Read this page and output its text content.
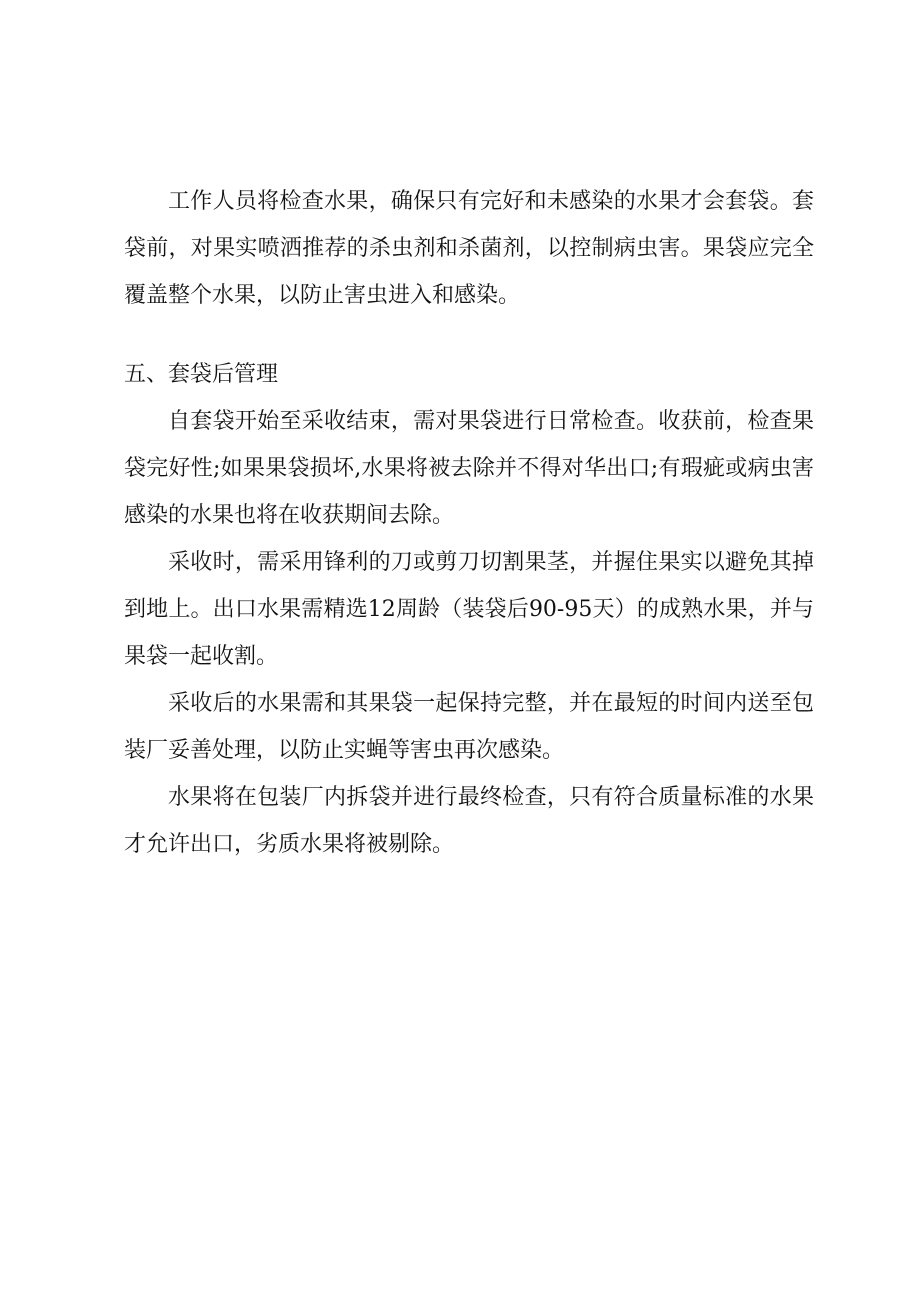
工作人员将检查水果，确保只有完好和未感染的水果才会套袋。套袋前，对果实喷洒推荐的杀虫剂和杀菌剂，以控制病虫害。果袋应完全覆盖整个水果，以防止害虫进入和感染。

五、套袋后管理

自套袋开始至采收结束，需对果袋进行日常检查。收获前，检查果袋完好性;如果果袋损坏,水果将被去除并不得对华出口;有瑕疵或病虫害感染的水果也将在收获期间去除。

采收时，需采用锋利的刀或剪刀切割果茎，并握住果实以避免其掉到地上。出口水果需精选12周龄（装袋后90-95天）的成熟水果，并与果袋一起收割。

采收后的水果需和其果袋一起保持完整，并在最短的时间内送至包装厂妥善处理，以防止实蝇等害虫再次感染。

水果将在包装厂内拆袋并进行最终检查，只有符合质量标准的水果才允许出口，劣质水果将被剔除。
